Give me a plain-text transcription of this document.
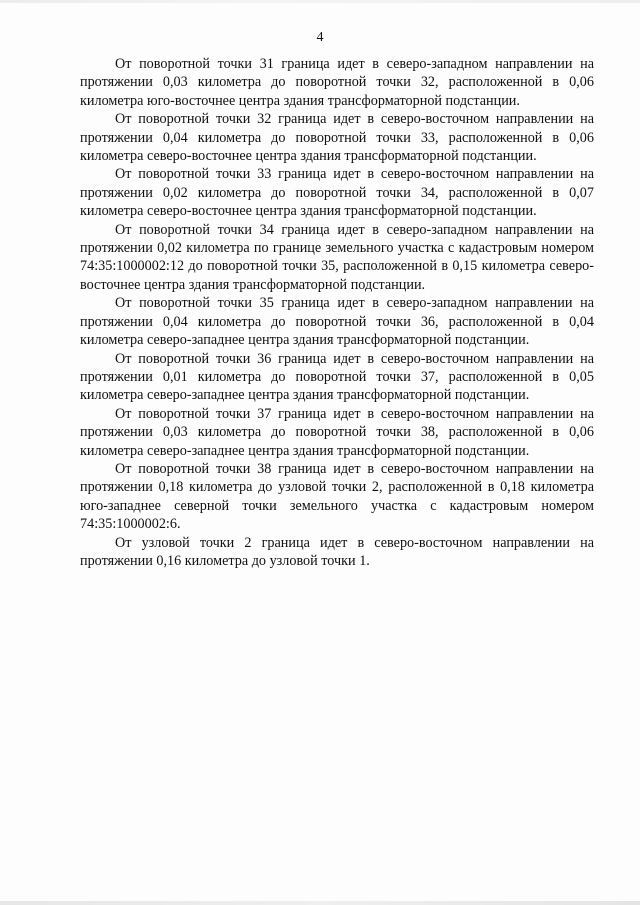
4

От поворотной точки 31 граница идет в северо-западном направлении на протяжении 0,03 километра до поворотной точки 32, расположенной в 0,06 километра юго-восточнее центра здания трансформаторной подстанции.

От поворотной точки 32 граница идет в северо-восточном направлении на протяжении 0,04 километра до поворотной точки 33, расположенной в 0,06 километра северо-восточнее центра здания трансформаторной подстанции.

От поворотной точки 33 граница идет в северо-восточном направлении на протяжении 0,02 километра до поворотной точки 34, расположенной в 0,07 километра северо-восточнее центра здания трансформаторной подстанции.

От поворотной точки 34 граница идет в северо-западном направлении на протяжении 0,02 километра по границе земельного участка с кадастровым номером 74:35:1000002:12 до поворотной точки 35, расположенной в 0,15 километра северо-восточнее центра здания трансформаторной подстанции.

От поворотной точки 35 граница идет в северо-западном направлении на протяжении 0,04 километра до поворотной точки 36, расположенной в 0,04 километра северо-западнее центра здания трансформаторной подстанции.

От поворотной точки 36 граница идет в северо-восточном направлении на протяжении 0,01 километра до поворотной точки 37, расположенной в 0,05 километра северо-западнее центра здания трансформаторной подстанции.

От поворотной точки 37 граница идет в северо-восточном направлении на протяжении 0,03 километра до поворотной точки 38, расположенной в 0,06 километра северо-западнее центра здания трансформаторной подстанции.

От поворотной точки 38 граница идет в северо-восточном направлении на протяжении 0,18 километра до узловой точки 2, расположенной в 0,18 километра юго-западнее северной точки земельного участка с кадастровым номером 74:35:1000002:6.

От узловой точки 2 граница идет в северо-восточном направлении на протяжении 0,16 километра до узловой точки 1.
